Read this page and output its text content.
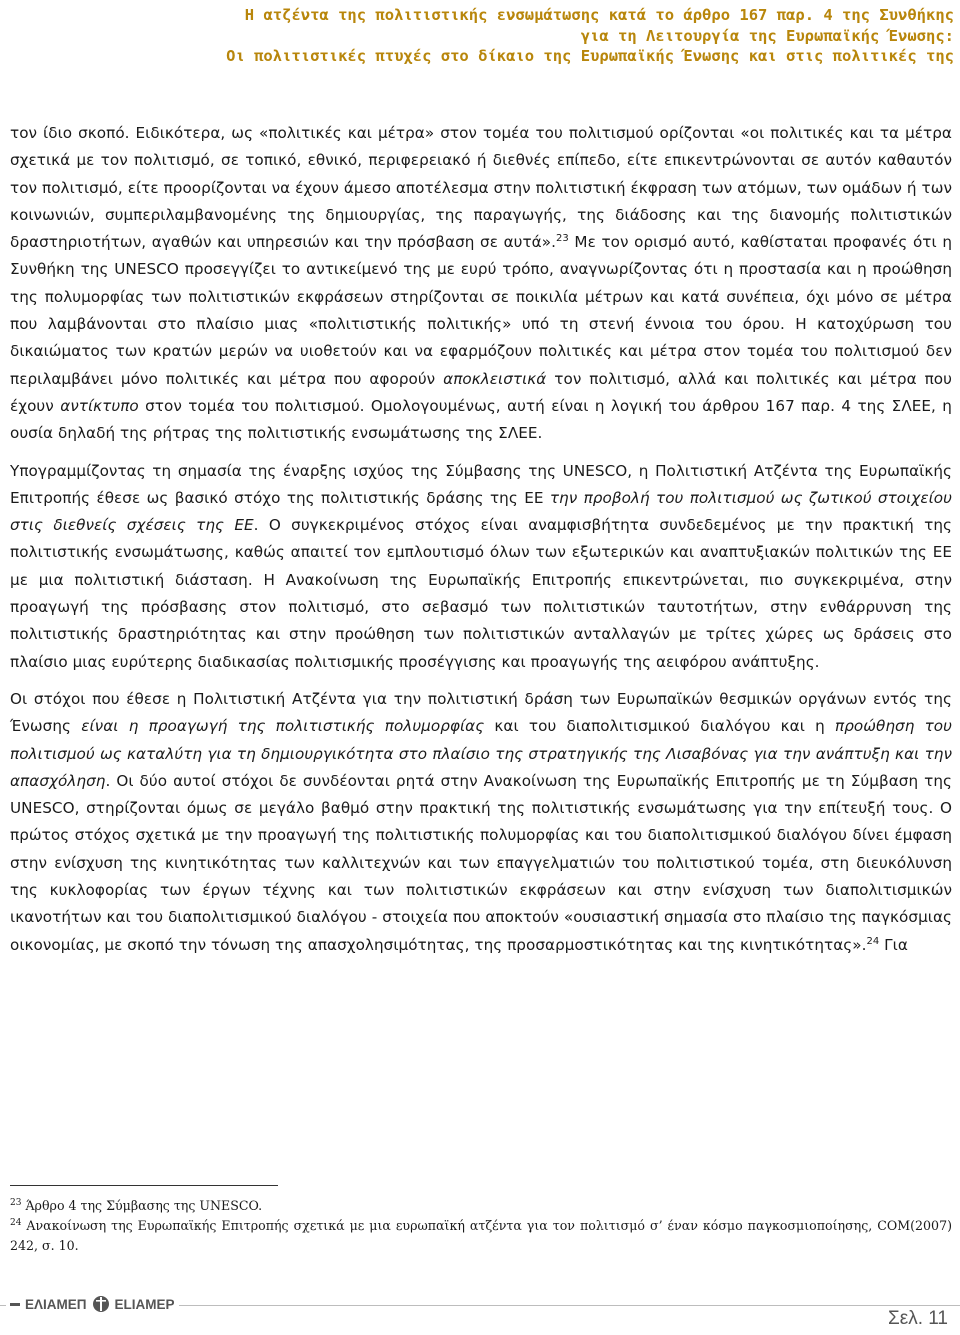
Η ατζέντα της πολιτιστικής ενσωμάτωσης κατά το άρθρο 167 παρ. 4 της Συνθήκης
για τη Λειτουργία της Ευρωπαϊκής Ένωσης:
Οι πολιτιστικές πτυχές στο δίκαιο της Ευρωπαϊκής Ένωσης και στις πολιτικές της

τον ίδιο σκοπό. Ειδικότερα, ως «πολιτικές και μέτρα» στον τομέα του πολιτισμού ορίζονται «οι πολιτικές και τα μέτρα σχετικά με τον πολιτισμό, σε τοπικό, εθνικό, περιφερειακό ή διεθνές επίπεδο, είτε επικεντρώνονται σε αυτόν καθαυτόν τον πολιτισμό, είτε προορίζονται να έχουν άμεσο αποτέλεσμα στην πολιτιστική έκφραση των ατόμων, των ομάδων ή των κοινωνιών, συμπεριλαμβανομένης της δημιουργίας, της παραγωγής, της διάδοσης και της διανομής πολιτιστικών δραστηριοτήτων, αγαθών και υπηρεσιών και την πρόσβαση σε αυτά».$^{23}$ Με τον ορισμό αυτό, καθίσταται προφανές ότι η Συνθήκη της UNESCO προσεγγίζει το αντικείμενό της με ευρύ τρόπο, αναγνωρίζοντας ότι η προστασία και η προώθηση της πολυμορφίας των πολιτιστικών εκφράσεων στηρίζονται σε ποικιλία μέτρων και κατά συνέπεια, όχι μόνο σε μέτρα που λαμβάνονται στο πλαίσιο μιας «πολιτιστικής πολιτικής» υπό τη στενή έννοια του όρου. Η κατοχύρωση του δικαιώματος των κρατών μερών να υιοθετούν και να εφαρμόζουν πολιτικές και μέτρα στον τομέα του πολιτισμού δεν περιλαμβάνει μόνο πολιτικές και μέτρα που αφορούν αποκλειστικά τον πολιτισμό, αλλά και πολιτικές και μέτρα που έχουν αντίκτυπο στον τομέα του πολιτισμού. Ομολογουμένως, αυτή είναι η λογική του άρθρου 167 παρ. 4 της ΣΛΕΕ, η ουσία δηλαδή της ρήτρας της πολιτιστικής ενσωμάτωσης της ΣΛΕΕ.

Υπογραμμίζοντας τη σημασία της έναρξης ισχύος της Σύμβασης της UNESCO, η Πολιτιστική Ατζέντα της Ευρωπαϊκής Επιτροπής έθεσε ως βασικό στόχο της πολιτιστικής δράσης της ΕΕ την προβολή του πολιτισμού ως ζωτικού στοιχείου στις διεθνείς σχέσεις της ΕΕ. Ο συγκεκριμένος στόχος είναι αναμφισβήτητα συνδεδεμένος με την πρακτική της πολιτιστικής ενσωμάτωσης, καθώς απαιτεί τον εμπλουτισμό όλων των εξωτερικών και αναπτυξιακών πολιτικών της ΕΕ με μια πολιτιστική διάσταση. Η Ανακοίνωση της Ευρωπαϊκής Επιτροπής επικεντρώνεται, πιο συγκεκριμένα, στην προαγωγή της πρόσβασης στον πολιτισμό, στο σεβασμό των πολιτιστικών ταυτοτήτων, στην ενθάρρυνση της πολιτιστικής δραστηριότητας και στην προώθηση των πολιτιστικών ανταλλαγών με τρίτες χώρες ως δράσεις στο πλαίσιο μιας ευρύτερης διαδικασίας πολιτισμικής προσέγγισης και προαγωγής της αειφόρου ανάπτυξης.

Οι στόχοι που έθεσε η Πολιτιστική Ατζέντα για την πολιτιστική δράση των Ευρωπαϊκών θεσμικών οργάνων εντός της Ένωσης είναι η προαγωγή της πολιτιστικής πολυμορφίας και του διαπολιτισμικού διαλόγου και η προώθηση του πολιτισμού ως καταλύτη για τη δημιουργικότητα στο πλαίσιο της στρατηγικής της Λισαβόνας για την ανάπτυξη και την απασχόληση. Οι δύο αυτοί στόχοι δε συνδέονται ρητά στην Ανακοίνωση της Ευρωπαϊκής Επιτροπής με τη Σύμβαση της UNESCO, στηρίζονται όμως σε μεγάλο βαθμό στην πρακτική της πολιτιστικής ενσωμάτωσης για την επίτευξή τους. Ο πρώτος στόχος σχετικά με την προαγωγή της πολιτιστικής πολυμορφίας και του διαπολιτισμικού διαλόγου δίνει έμφαση στην ενίσχυση της κινητικότητας των καλλιτεχνών και των επαγγελματιών του πολιτιστικού τομέα, στη διευκόλυνση της κυκλοφορίας των έργων τέχνης και των πολιτιστικών εκφράσεων και στην ενίσχυση των διαπολιτισμικών ικανοτήτων και του διαπολιτισμικού διαλόγου - στοιχεία που αποκτούν «ουσιαστική σημασία στο πλαίσιο της παγκόσμιας οικονομίας, με σκοπό την τόνωση της απασχολησιμότητας, της προσαρμοστικότητας και της κινητικότητας».$^{24}$ Για

$^{23}$ Άρθρο 4 της Σύμβασης της UNESCO.

$^{24}$ Ανακοίνωση της Ευρωπαϊκής Επιτροπής σχετικά με μια ευρωπαϊκή ατζέντα για τον πολιτισμό σ’ έναν κόσμο παγκοσμιοποίησης, COM(2007) 242, σ. 10.

ΕΛΙΑΜΕΠ ELIAMEP
Σελ. 11
